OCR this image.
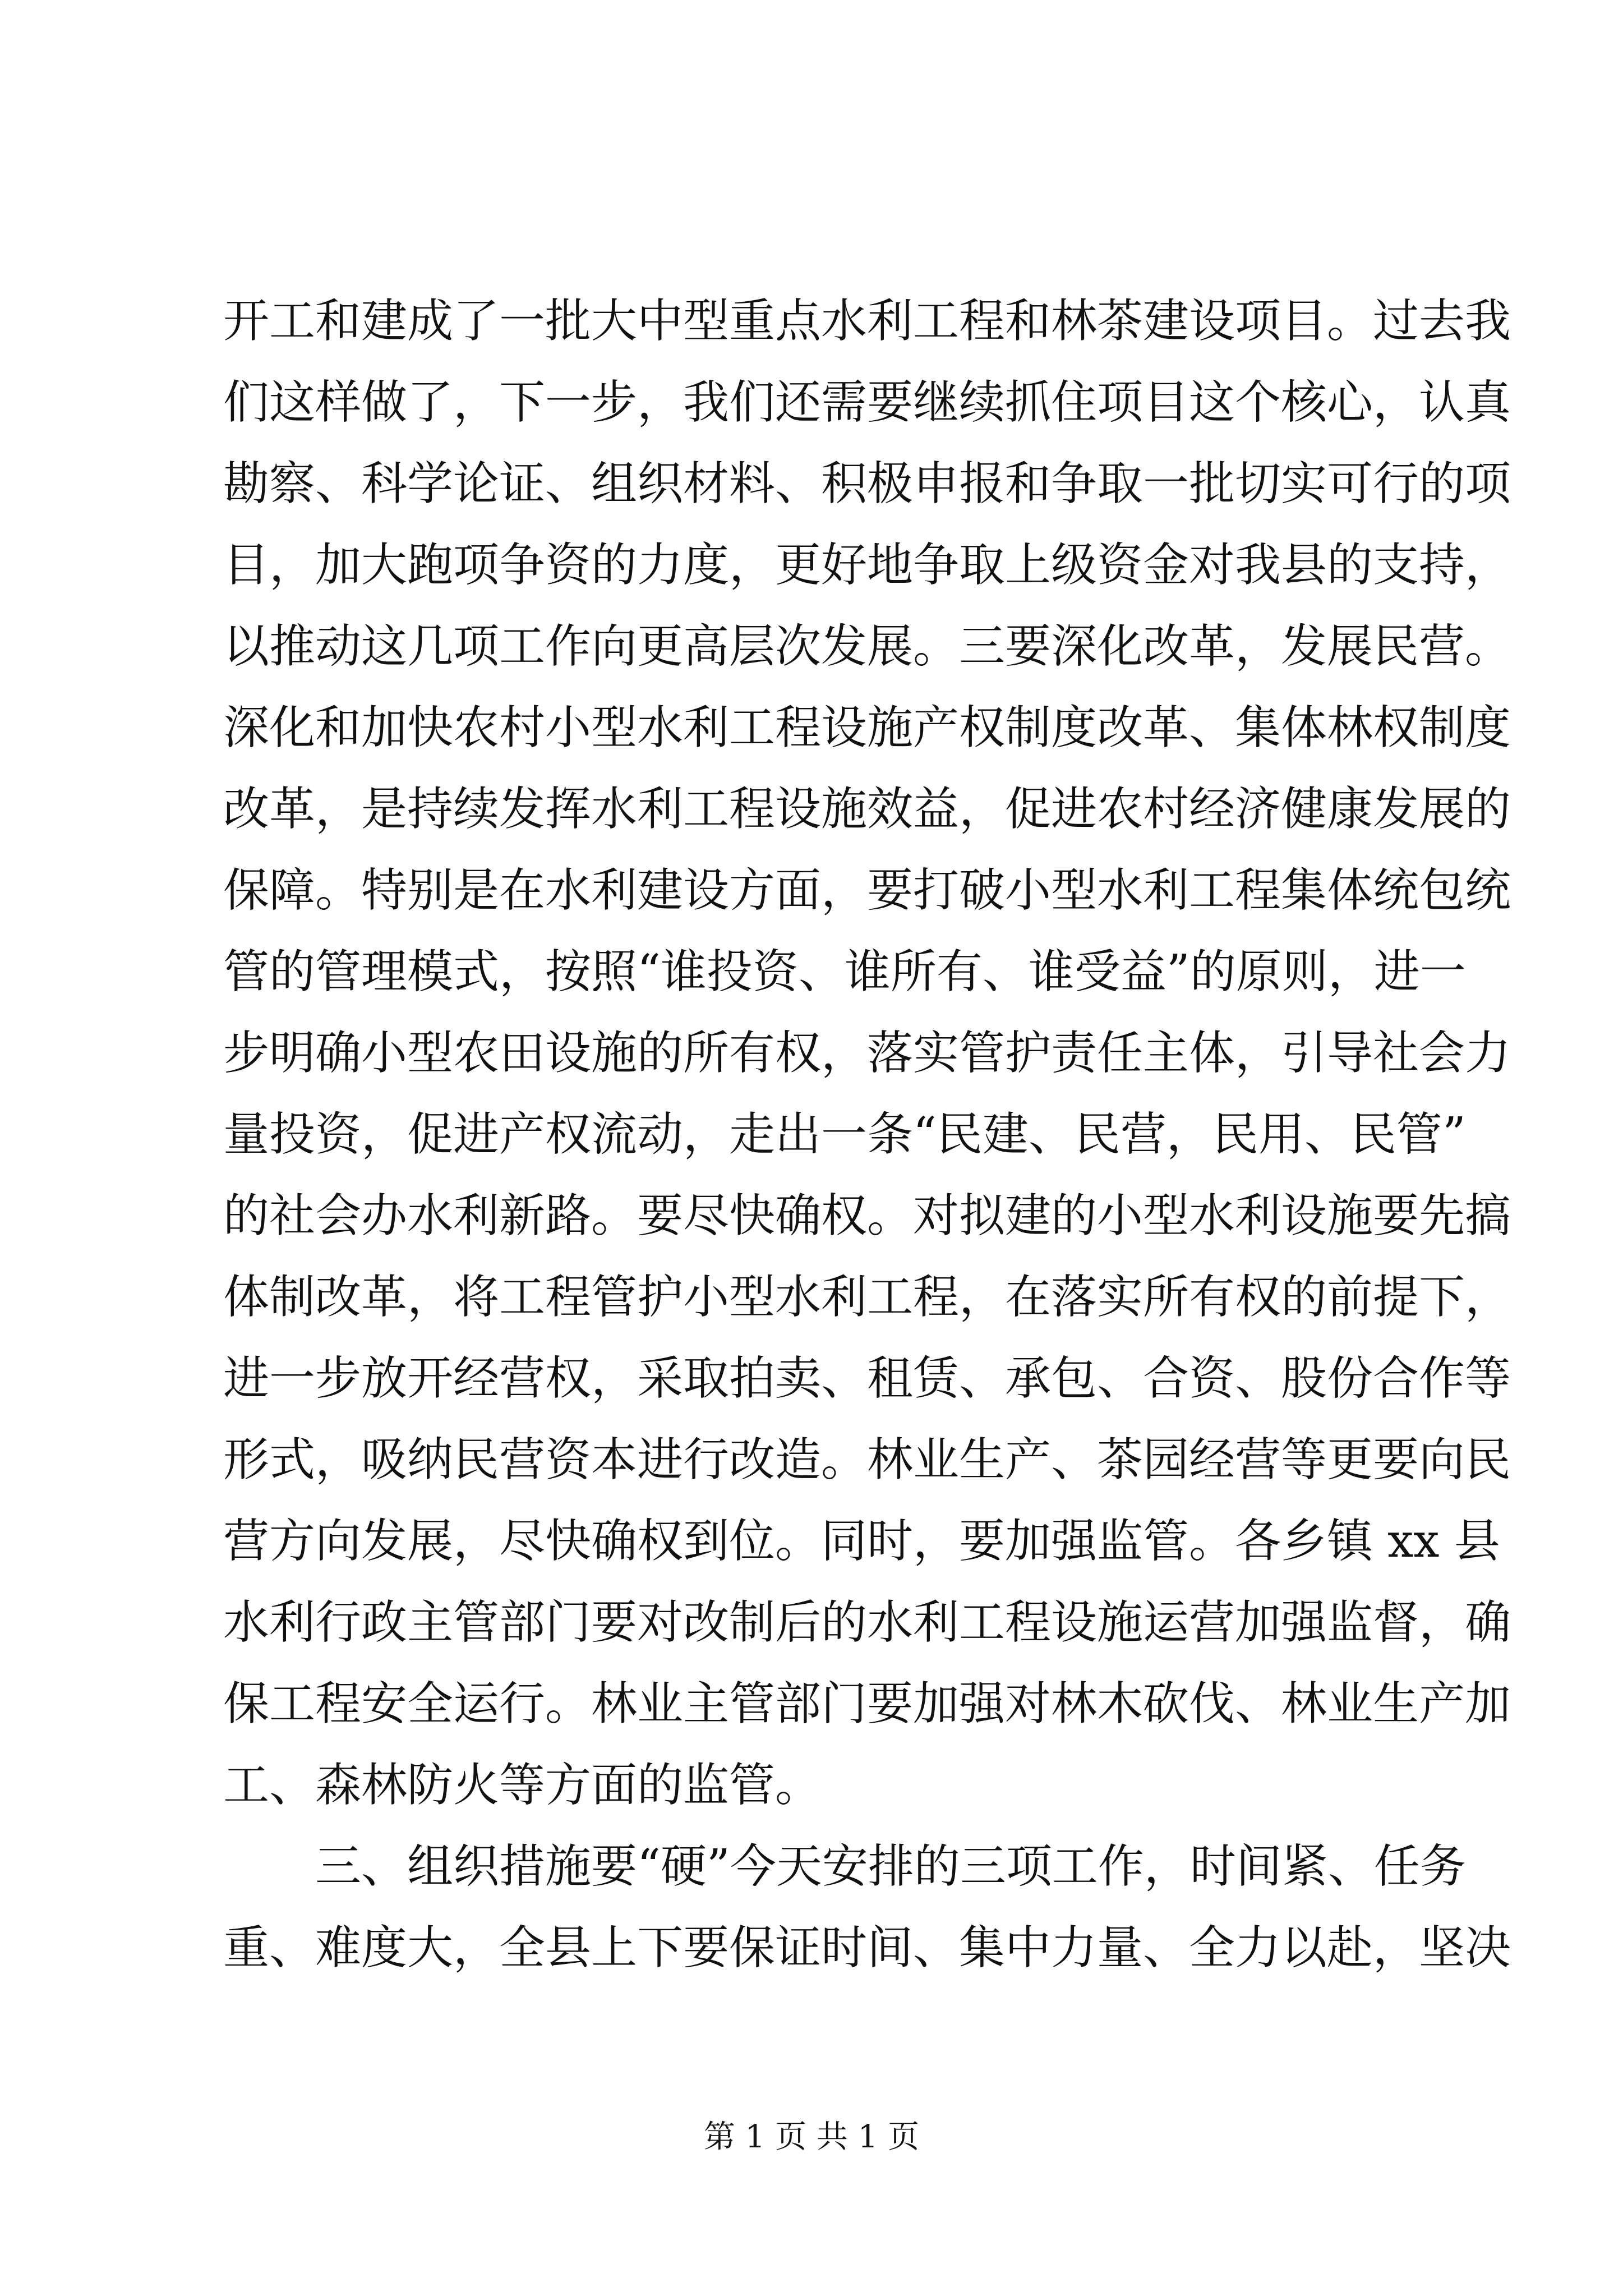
开工和建成了一批大中型重点水利工程和林茶建设项目。过去我
们这样做了，下一步，我们还需要继续抓住项目这个核心，认真
勘察、科学论证、组织材料、积极申报和争取一批切实可行的项
目，加大跑项争资的力度，更好地争取上级资金对我县的支持，
以推动这几项工作向更高层次发展。三要深化改革，发展民营。
深化和加快农村小型水利工程设施产权制度改革、集体林权制度
改革，是持续发挥水利工程设施效益，促进农村经济健康发展的
保障。特别是在水利建设方面，要打破小型水利工程集体统包统
管的管理模式，按照“谁投资、谁所有、谁受益”的原则，进一
步明确小型农田设施的所有权，落实管护责任主体，引导社会力
量投资，促进产权流动，走出一条“民建、民营，民用、民管”
的社会办水利新路。要尽快确权。对拟建的小型水利设施要先搞
体制改革，将工程管护小型水利工程，在落实所有权的前提下，
进一步放开经营权，采取拍卖、租赁、承包、合资、股份合作等
形式，吸纳民营资本进行改造。林业生产、茶园经营等更要向民
营方向发展，尽快确权到位。同时，要加强监管。各乡镇 xx 县
水利行政主管部门要对改制后的水利工程设施运营加强监督，确
保工程安全运行。林业主管部门要加强对林木砍伐、林业生产加
工、森林防火等方面的监管。
三、组织措施要“硬”今天安排的三项工作，时间紧、任务
重、难度大，全县上下要保证时间、集中力量、全力以赴，坚决
第 1 页 共 1 页
